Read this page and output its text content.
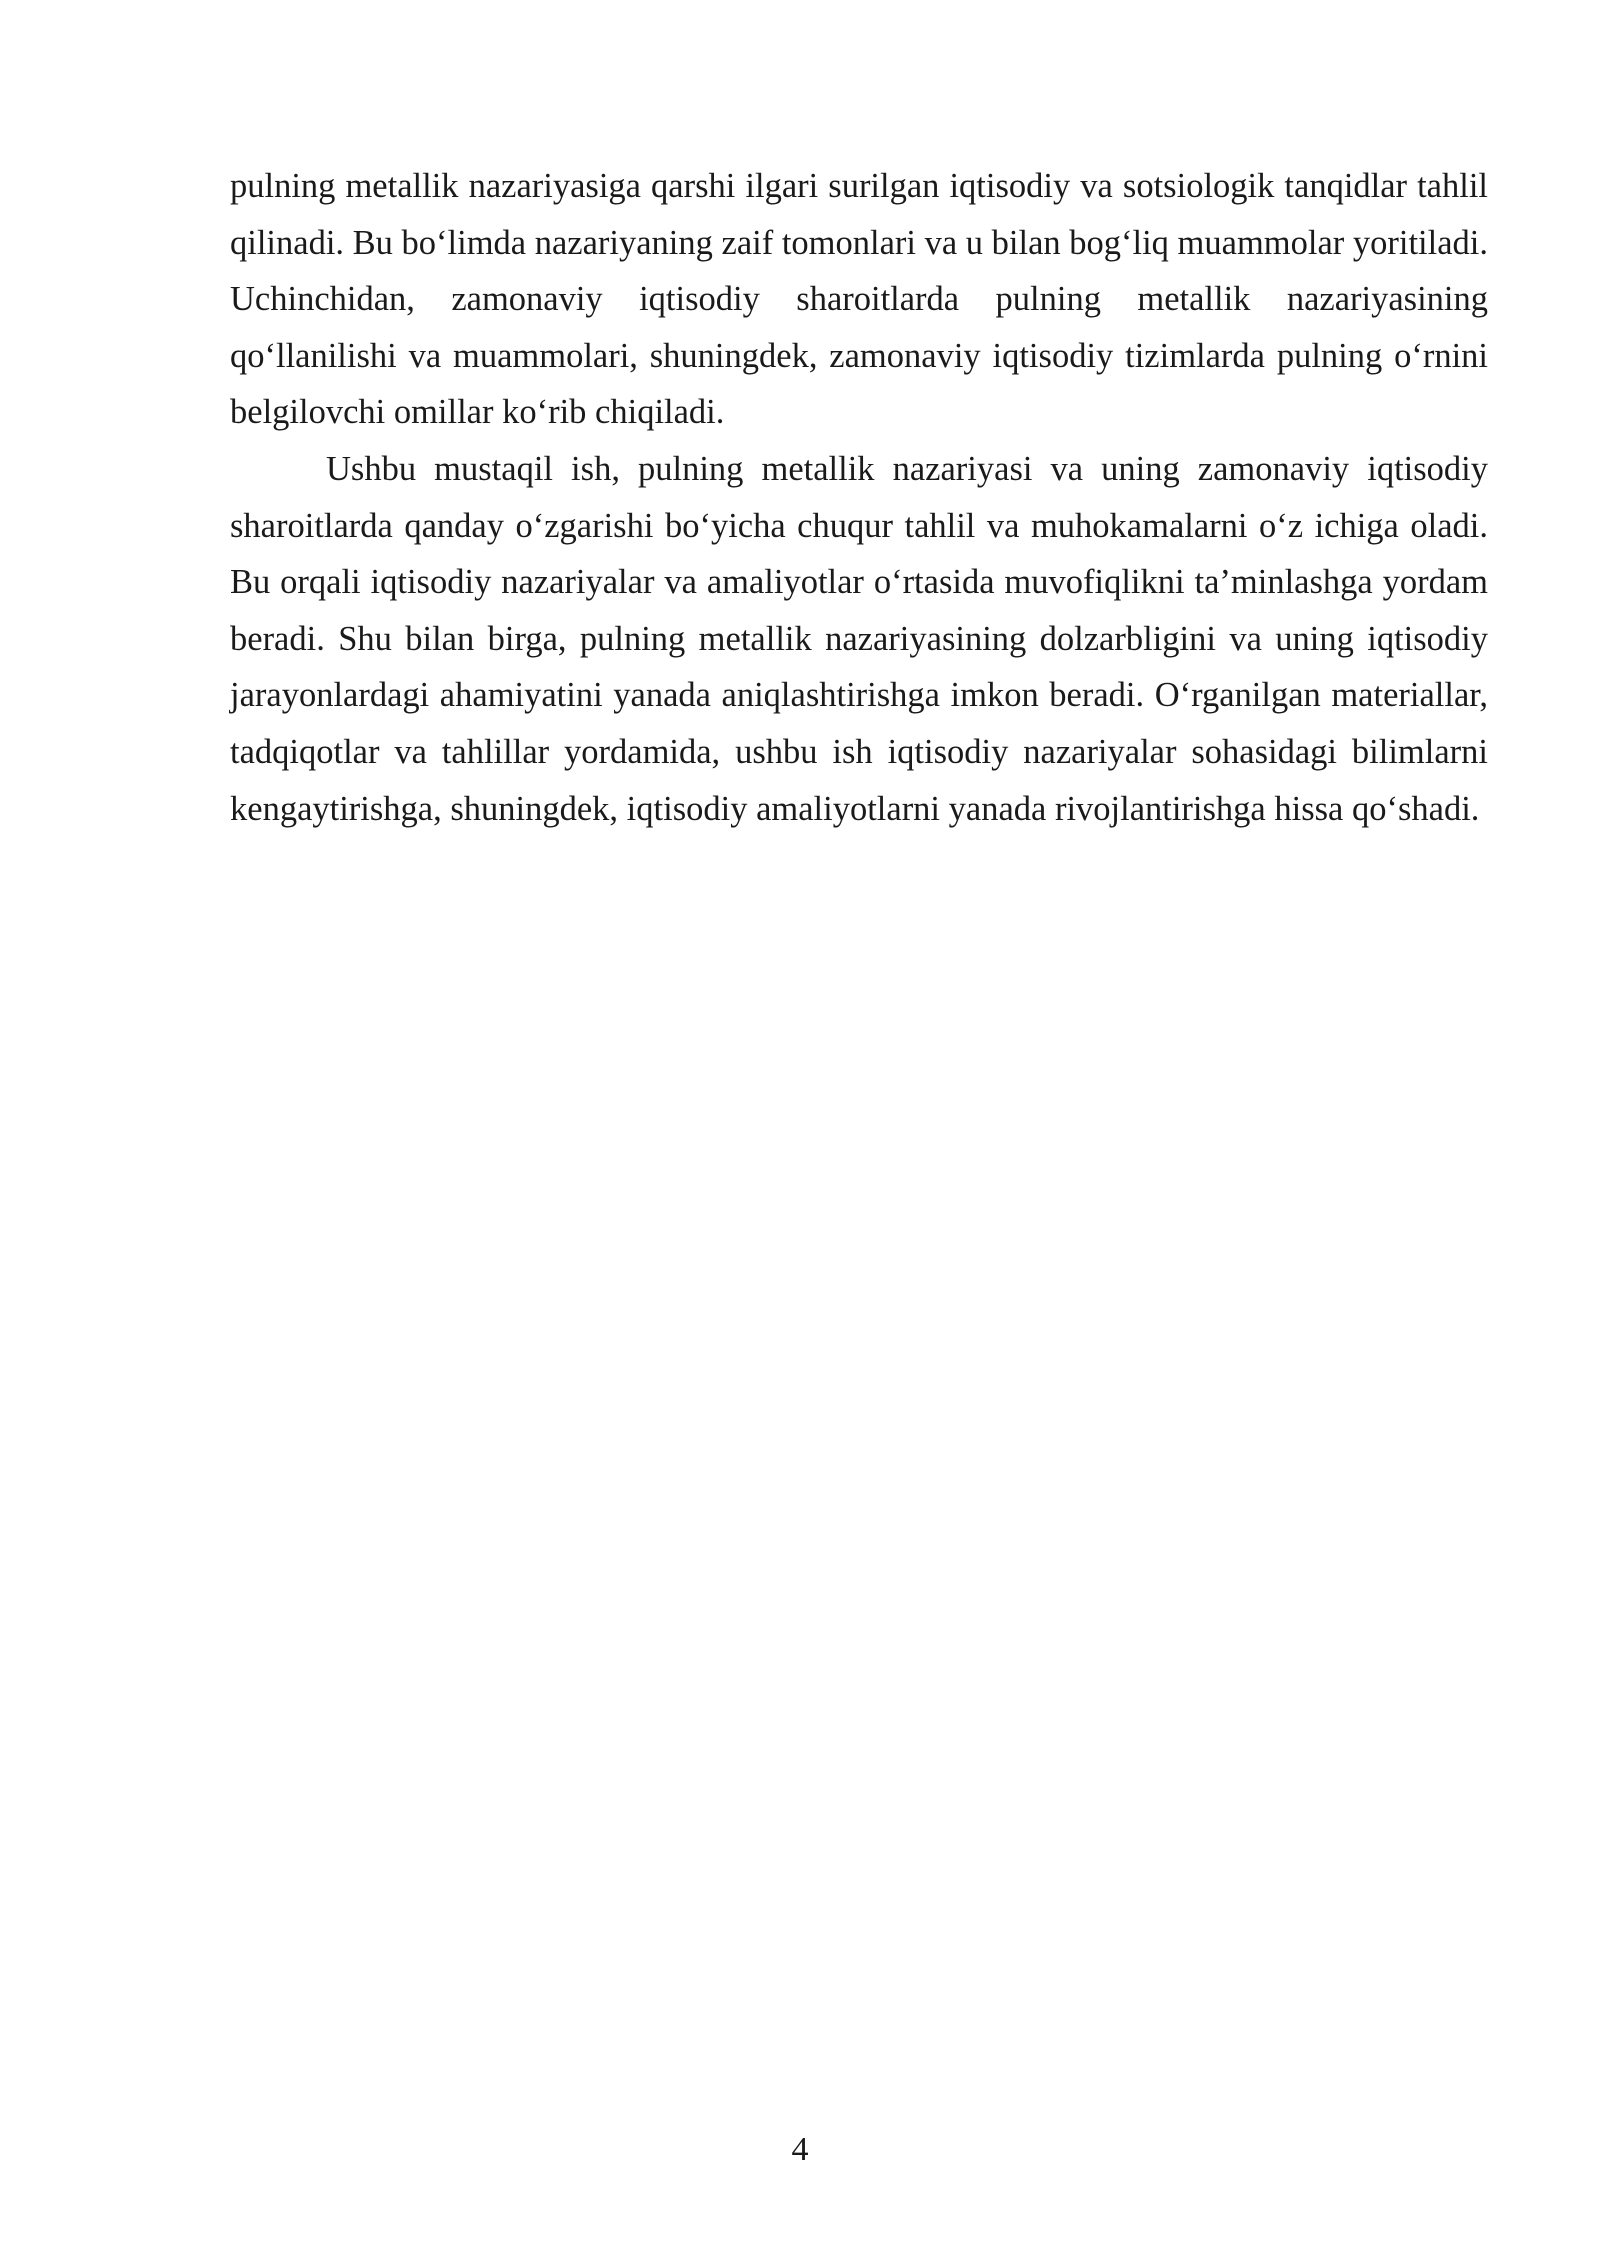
pulning metallik nazariyasiga qarshi ilgari surilgan iqtisodiy va sotsiologik tanqidlar tahlil qilinadi. Bu bo‘limda nazariyaning zaif tomonlari va u bilan bog‘liq muammolar yoritiladi. Uchinchidan, zamonaviy iqtisodiy sharoitlarda pulning metallik nazariyasining qo‘llanilishi va muammolari, shuningdek, zamonaviy iqtisodiy tizimlarda pulning o‘rnini belgilovchi omillar ko‘rib chiqiladi.

Ushbu mustaqil ish, pulning metallik nazariyasi va uning zamonaviy iqtisodiy sharoitlarda qanday o‘zgarishi bo‘yicha chuqur tahlil va muhokamalarni o‘z ichiga oladi. Bu orqali iqtisodiy nazariyalar va amaliyotlar o‘rtasida muvofiqlikni ta’minlashga yordam beradi. Shu bilan birga, pulning metallik nazariyasining dolzarbligini va uning iqtisodiy jarayonlardagi ahamiyatini yanada aniqlashtirishga imkon beradi. O‘rganilgan materiallar, tadqiqotlar va tahlillar yordamida, ushbu ish iqtisodiy nazariyalar sohasidagi bilimlarni kengaytirishga, shuningdek, iqtisodiy amaliyotlarni yanada rivojlantirishga hissa qo‘shadi.

4
